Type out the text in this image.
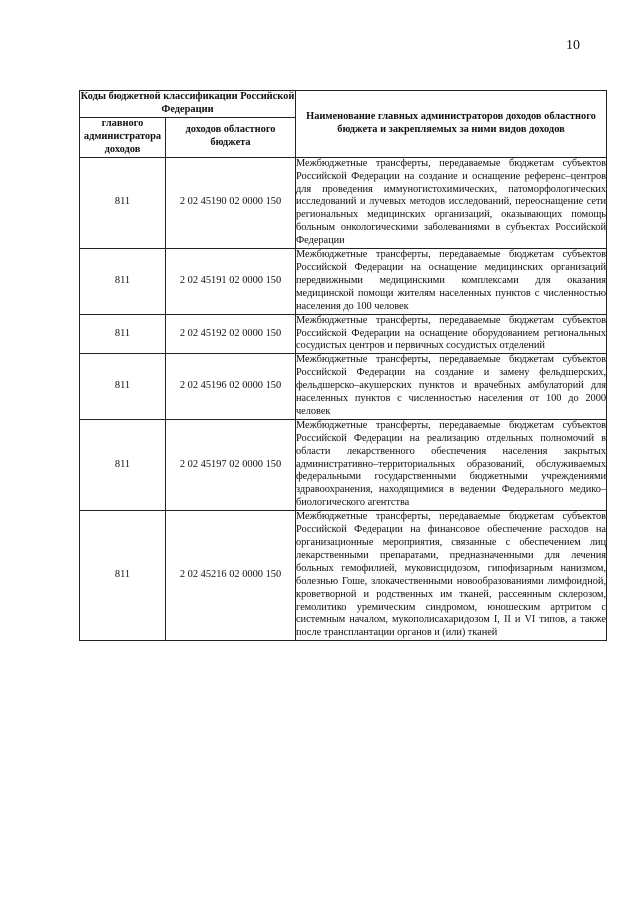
10
Коды бюджетной классификации Российской Федерации		Наименование главных администраторов доходов областного бюджета и закрепляемых за ними видов доходов
главного администратора доходов	доходов областного бюджета	
811	2 02 45190 02 0000 150	Межбюджетные трансферты, передаваемые бюджетам субъектов Российской Федерации на создание и оснащение референс–центров для проведения иммуногистохимических, патоморфологических исследований и лучевых методов исследований, переоснащение сети региональных медицинских организаций, оказывающих помощь больным онкологическими заболеваниями в субъектах Российской Федерации
811	2 02 45191 02 0000 150	Межбюджетные трансферты, передаваемые бюджетам субъектов Российской Федерации на оснащение медицинских организаций передвижными медицинскими комплексами для оказания медицинской помощи жителям населенных пунктов с численностью населения до 100 человек
811	2 02 45192 02 0000 150	Межбюджетные трансферты, передаваемые бюджетам субъектов Российской Федерации на оснащение оборудованием региональных сосудистых центров и первичных сосудистых отделений
811	2 02 45196 02 0000 150	Межбюджетные трансферты, передаваемые бюджетам субъектов Российской Федерации на создание и замену фельдшерских, фельдшерско–акушерских пунктов и врачебных амбулаторий для населенных пунктов с численностью населения от 100 до 2000 человек
811	2 02 45197 02 0000 150	Межбюджетные трансферты, передаваемые бюджетам субъектов Российской Федерации на реализацию отдельных полномочий в области лекарственного обеспечения населения закрытых административно–территориальных образований, обслуживаемых федеральными государственными бюджетными учреждениями здравоохранения, находящимися в ведении Федерального медико–биологического агентства
811	2 02 45216 02 0000 150	Межбюджетные трансферты, передаваемые бюджетам субъектов Российской Федерации на финансовое обеспечение расходов на организационные мероприятия, связанные с обеспечением лиц лекарственными препаратами, предназначенными для лечения больных гемофилией, муковисцидозом, гипофизарным нанизмом, болезнью Гоше, злокачественными новообразованиями лимфоидной, кроветворной и родственных им тканей, рассеянным склерозом, гемолитико уремическим синдромом, юношеским артритом с системным началом, мукополисахаридозом I, II и VI типов, а также после трансплантации органов и (или) тканей
